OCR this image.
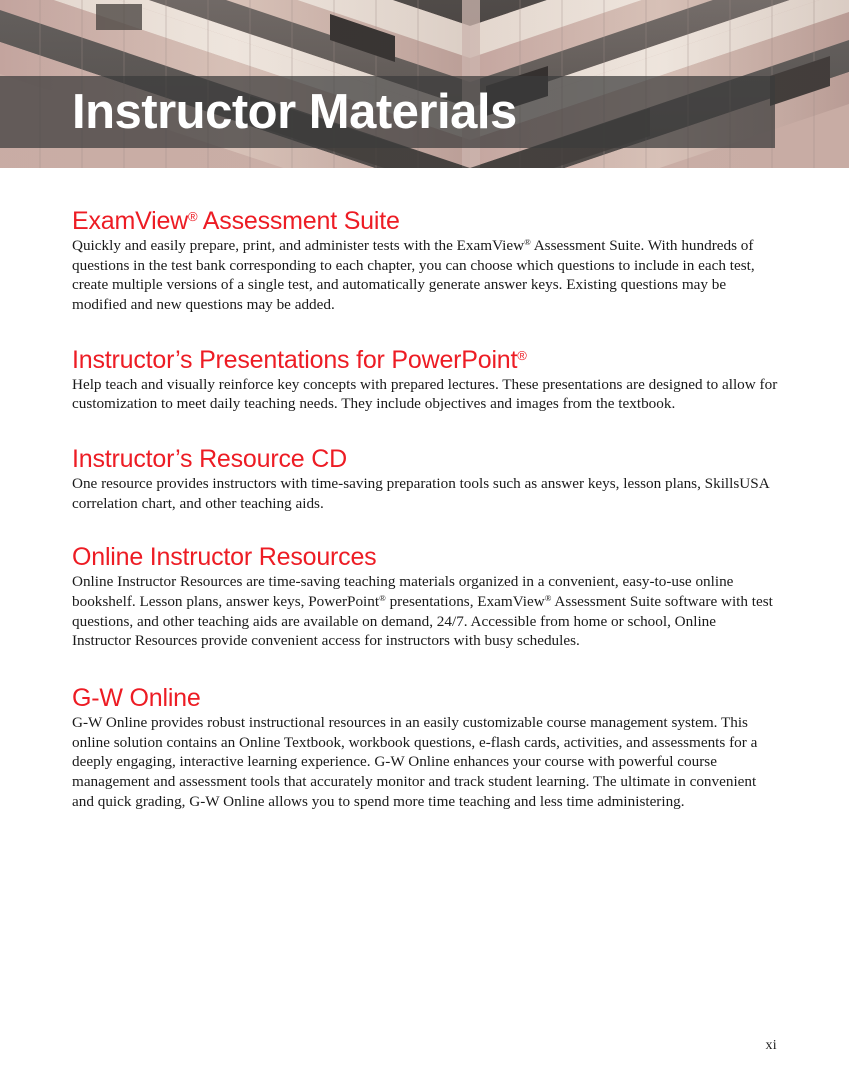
Instructor Materials
ExamView® Assessment Suite

Quickly and easily prepare, print, and administer tests with the ExamView® Assessment Suite. With hundreds of questions in the test bank corresponding to each chapter, you can choose which questions to include in each test, create multiple versions of a single test, and automatically generate answer keys. Existing questions may be modified and new questions may be added.

Instructor’s Presentations for PowerPoint®

Help teach and visually reinforce key concepts with prepared lectures. These presentations are designed to allow for customization to meet daily teaching needs. They include objectives and images from the textbook.

Instructor’s Resource CD

One resource provides instructors with time-saving preparation tools such as answer keys, lesson plans, SkillsUSA correlation chart, and other teaching aids.

Online Instructor Resources

Online Instructor Resources are time-saving teaching materials organized in a convenient, easy-to-use online bookshelf. Lesson plans, answer keys, PowerPoint® presentations, ExamView® Assessment Suite software with test questions, and other teaching aids are available on demand, 24/7. Accessible from home or school, Online Instructor Resources provide convenient access for instructors with busy schedules.

G-W Online

G-W Online provides robust instructional resources in an easily customizable course management system. This online solution contains an Online Textbook, workbook questions, e-flash cards, activities, and assessments for a deeply engaging, interactive learning experience. G-W Online enhances your course with powerful course management and assessment tools that accurately monitor and track student learning. The ultimate in convenient and quick grading, G-W Online allows you to spend more time teaching and less time administering.

xi
